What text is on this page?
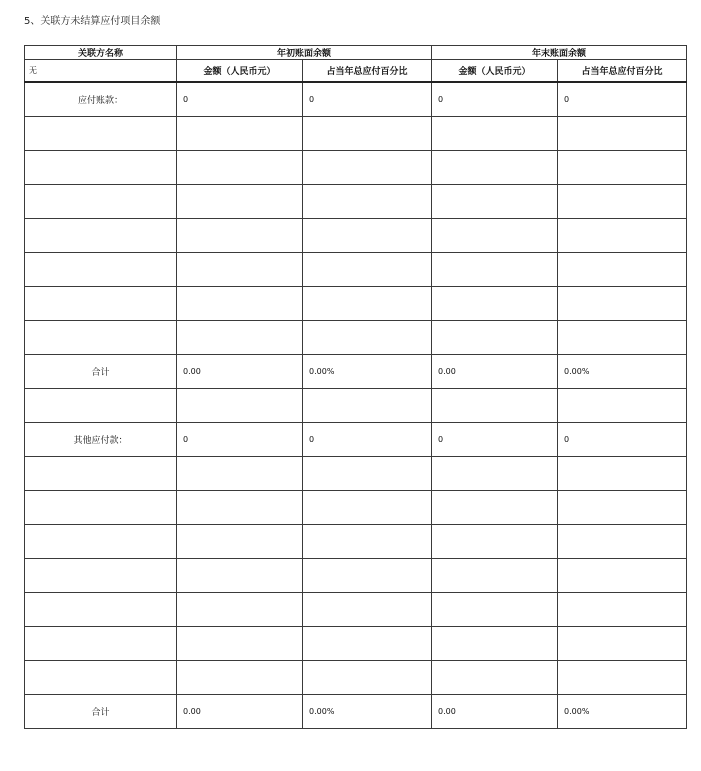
5、关联方未结算应付项目余额
关联方名称	年初账面余额		年末账面余额	
无	金额（人民币元）	占当年总应付百分比	金额（人民币元）	占当年总应付百分比
应付账款：	0	0	0	0

合计	0.00	0.00%	0.00	0.00%

其他应付款：	0	0	0	0

合计	0.00	0.00%	0.00	0.00%
